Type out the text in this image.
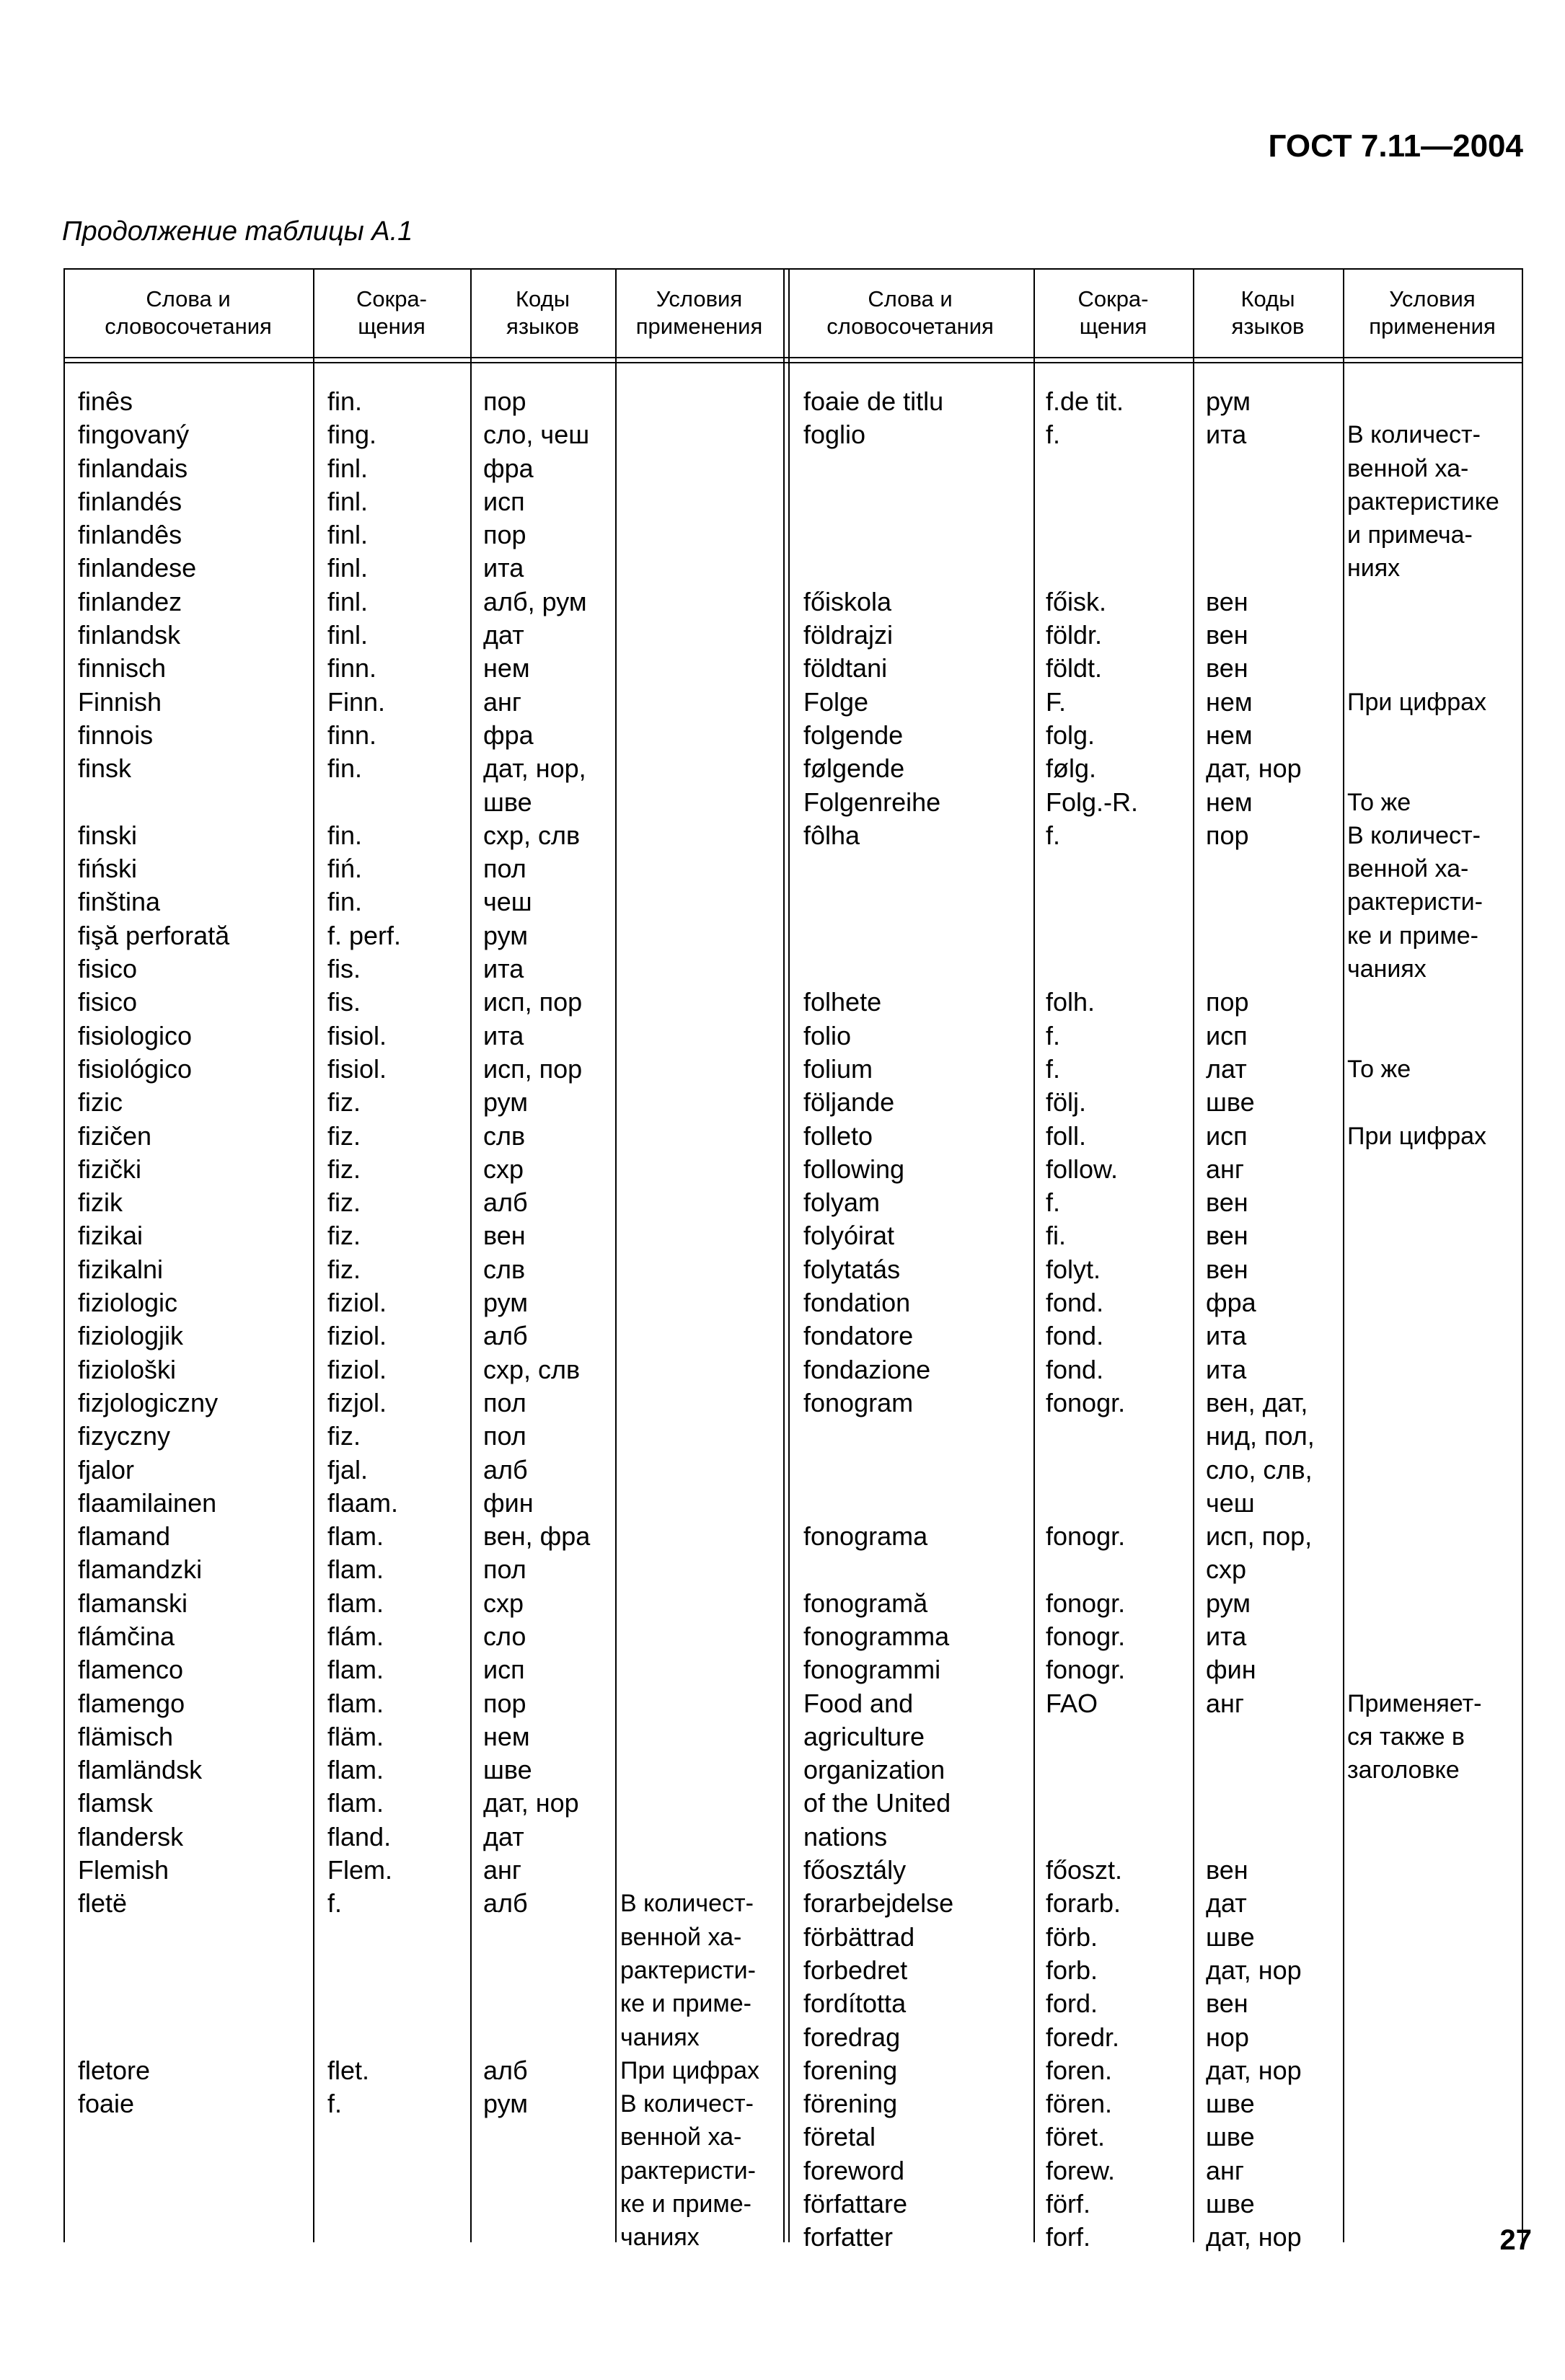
ГОСТ 7.11—2004
Продолжение таблицы А.1
Слова и
словосочетания
Сокра-
щения
Коды
языков
Условия
применения
Слова и
словосочетания
Сокра-
щения
Коды
языков
Условия
применения
finês
fingovaný
finlandais
finlandés
finlandês
finlandese
finlandez
finlandsk
finnisch
Finnish
finnois
finsk
finski
fiński
finština
fişă perforată
fisico
fisico
fisiologico
fisiológico
fizic
fizičen
fizički
fizik
fizikai
fizikalni
fiziologic
fiziologjik
fiziološki
fizjologiczny
fizyczny
fjalor
flaamilainen
flamand
flamandzki
flamanski
flámčina
flamenco
flamengo
flämisch
flamländsk
flamsk
flandersk
Flemish
fletë
fletore
foaie
fin.
fing.
finl.
finl.
finl.
finl.
finl.
finl.
finn.
Finn.
finn.
fin.
fin.
fiń.
fin.
f. perf.
fis.
fis.
fisiol.
fisiol.
fiz.
fiz.
fiz.
fiz.
fiz.
fiz.
fiziol.
fiziol.
fiziol.
fizjol.
fiz.
fjal.
flaam.
flam.
flam.
flam.
flám.
flam.
flam.
fläm.
flam.
flam.
fland.
Flem.
f.
flet.
f.
пор
сло, чеш
фра
исп
пор
ита
алб, рум
дат
нем
анг
фра
дат, нор,
шве
схр, слв
пол
чеш
рум
ита
исп, пор
ита
исп, пор
рум
слв
схр
алб
вен
слв
рум
алб
схр, слв
пол
пол
алб
фин
вен, фра
пол
схр
сло
исп
пор
нем
шве
дат, нор
дат
анг
алб
алб
рум
В количест-
венной ха-
рактеристи-
ке и приме-
чаниях
При цифрах
В количест-
венной ха-
рактеристи-
ке и приме-
чаниях
foaie de titlu
foglio
főiskola
földrajzi
földtani
Folge
folgende
følgende
Folgenreihe
fôlha
folhete
folio
folium
följande
folleto
following
folyam
folyóirat
folytatás
fondation
fondatore
fondazione
fonogram
fonograma
fonogramă
fonogramma
fonogrammi
Food and
agriculture
organization
of the United
nations
főosztály
forarbejdelse
förbättrad
forbedret
fordította
foredrag
forening
förening
företal
foreword
författare
forfatter
f.de tit.
f.
főisk.
földr.
földt.
F.
folg.
følg.
Folg.-R.
f.
folh.
f.
f.
följ.
foll.
follow.
f.
fi.
folyt.
fond.
fond.
fond.
fonogr.
fonogr.
fonogr.
fonogr.
fonogr.
FAO
főoszt.
forarb.
förb.
forb.
ford.
foredr.
foren.
fören.
föret.
forew.
förf.
forf.
рум
ита
вен
вен
вен
нем
нем
дат, нор
нем
пор
пор
исп
лат
шве
исп
анг
вен
вен
вен
фра
ита
ита
вен, дат,
нид, пол,
сло, слв,
чеш
исп, пор,
схр
рум
ита
фин
анг
вен
дат
шве
дат, нор
вен
нор
дат, нор
шве
шве
анг
шве
дат, нор
В количест-
венной ха-
рактеристике
и примеча-
ниях
При цифрах
То же
В количест-
венной ха-
рактеристи-
ке и приме-
чаниях
То же
При цифрах
Применяет-
ся также в
заголовке
27
